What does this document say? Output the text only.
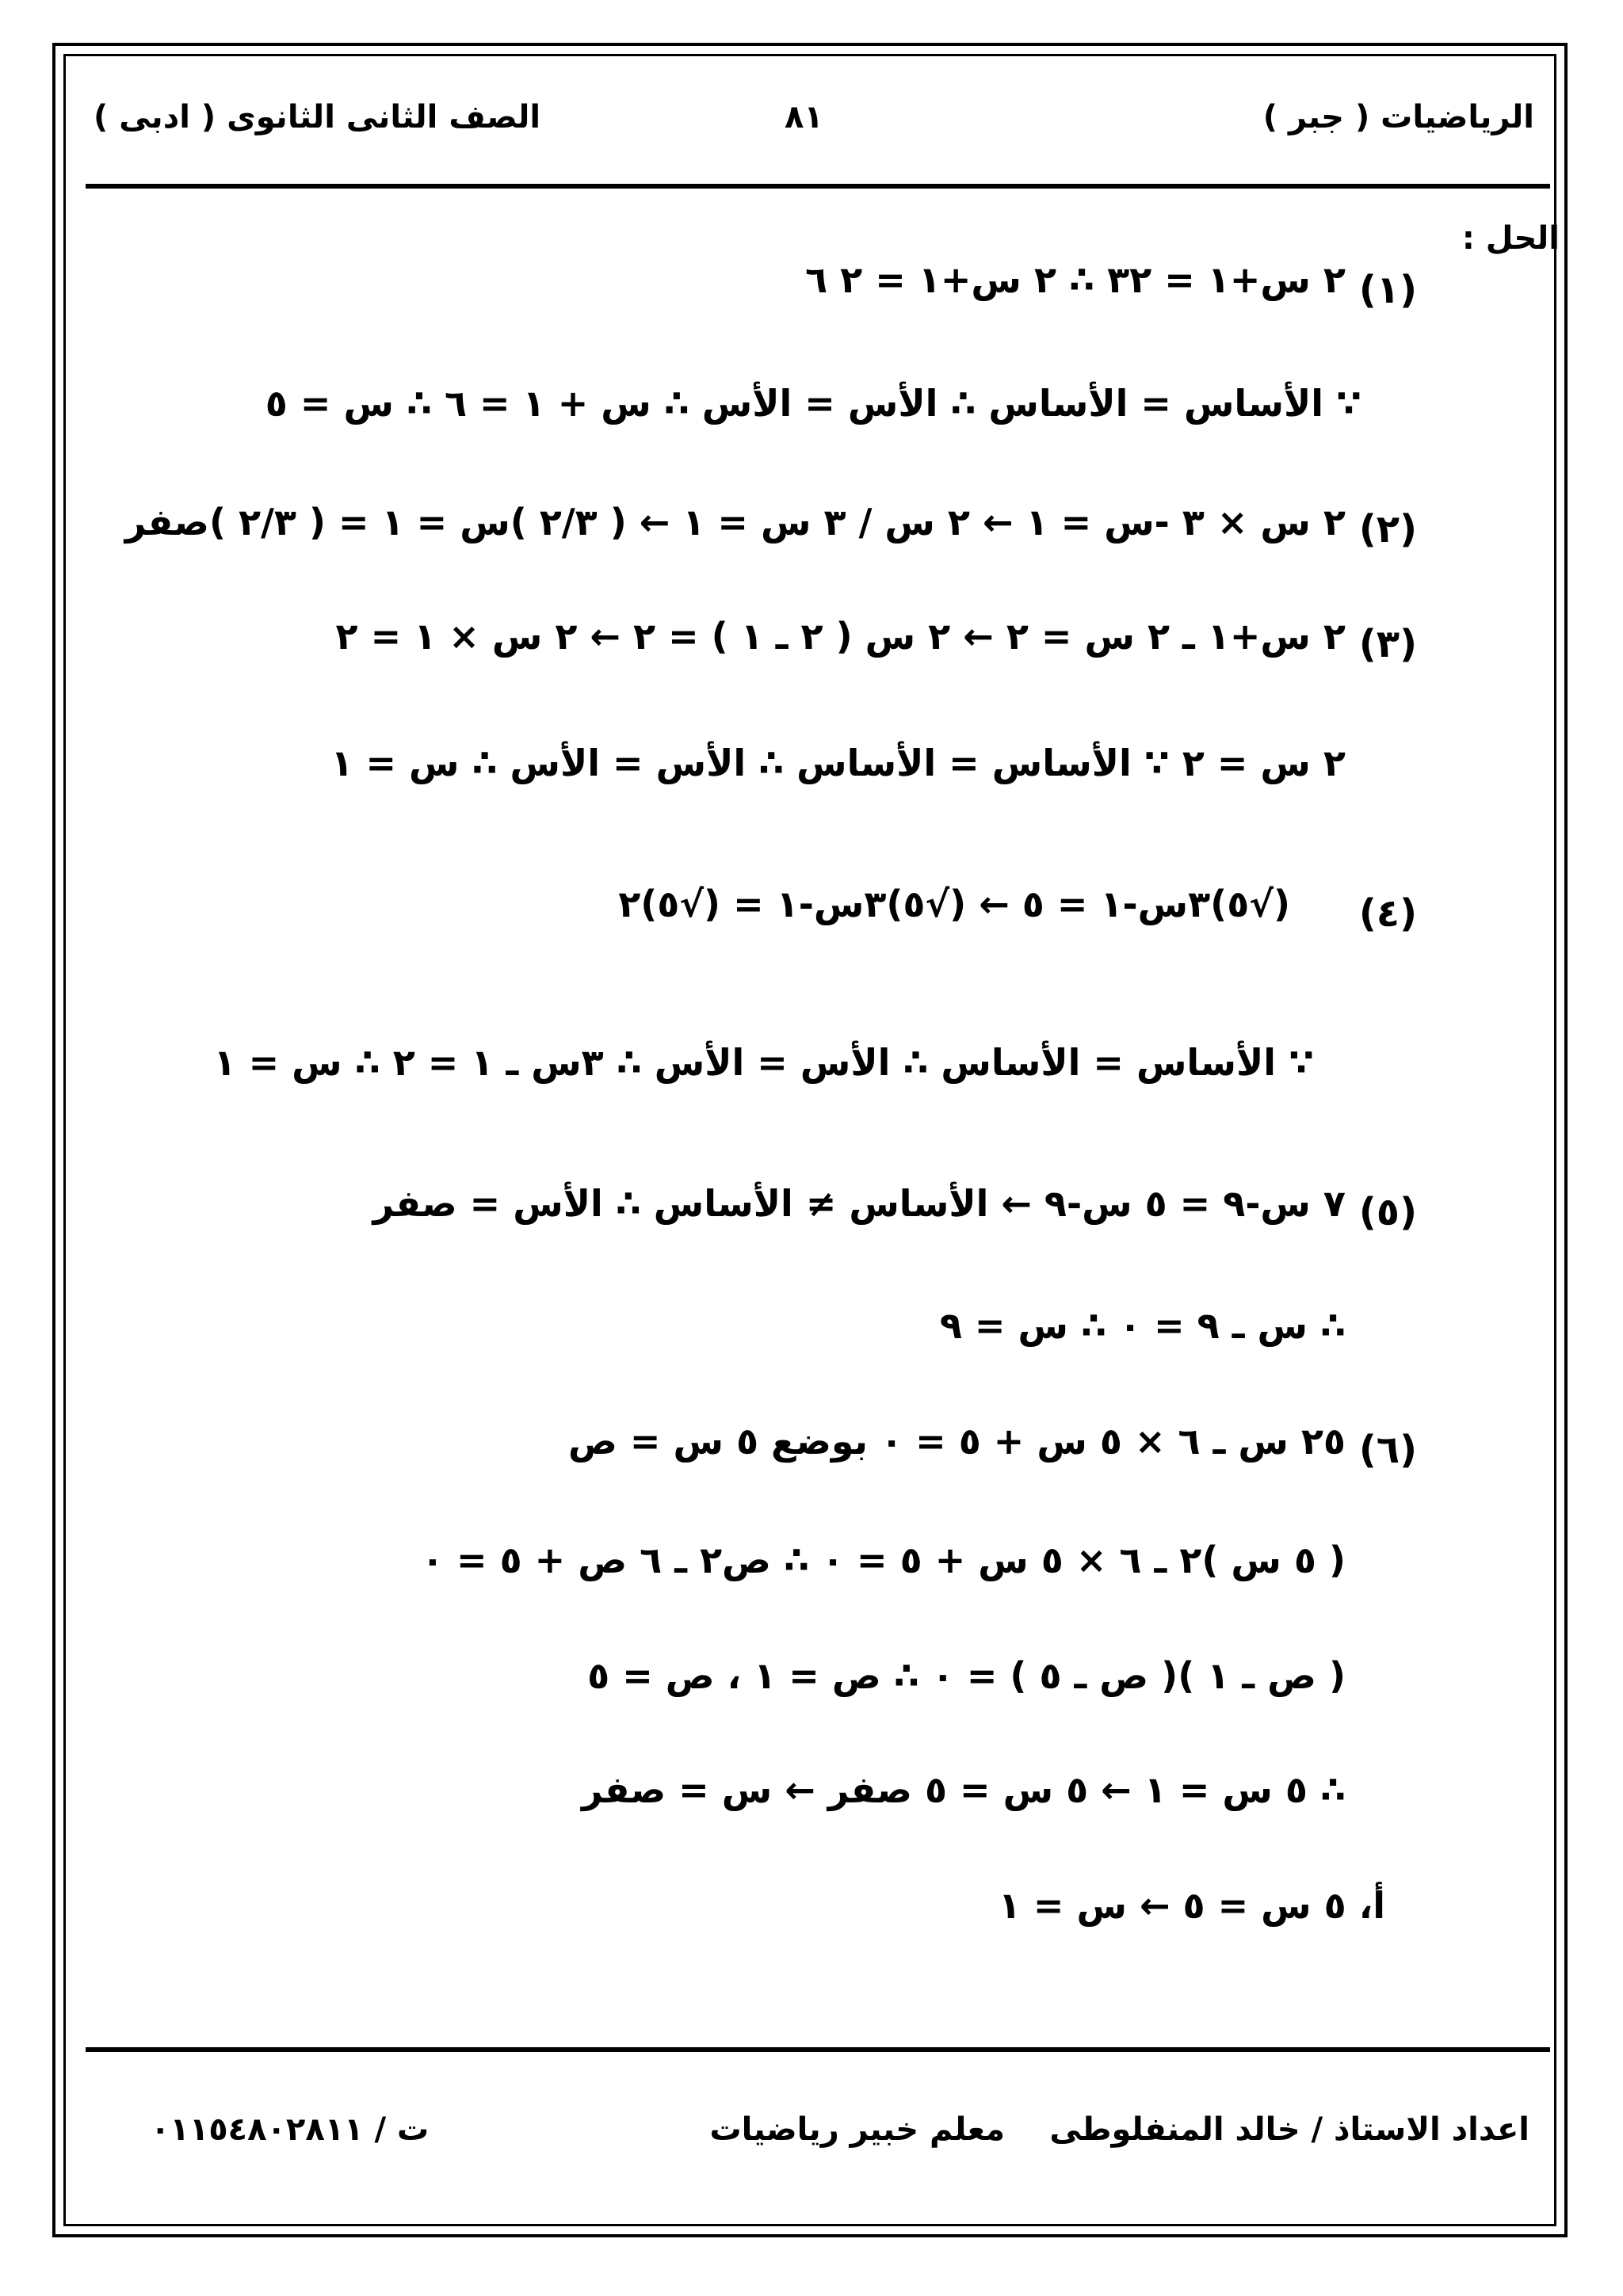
الرياضيات ( جبر )
٨١
الصف الثانى الثانوى ( ادبى )
الحل :
(١)
٢ س+١ = ٣٢ ∴ ٢ س+١ = ٢ ٦
∵ الأساس = الأساس ∴ الأس = الأس ∴ س + ١ = ٦ ∴ س = ٥
(٢)
٢ س × ٣ -س = ١ ← ٢ س / ٣ س = ١ ← ( ٢/٣ )س = ١ = ( ٢/٣ )صفر
(٣)
٢ س+١ ـ ٢ س = ٢ ← ٢ س ( ٢ ـ ١ ) = ٢ ← ٢ س × ١ = ٢
٢ س = ٢ ∵ الأساس = الأساس ∴ الأس = الأس ∴ س = ١
(٤)
(√٥)٣س-١ = ٥ ← (√٥)٣س-١ = (√٥)٢
∵ الأساس = الأساس ∴ الأس = الأس ∴ ٣س ـ ١ = ٢ ∴ س = ١
(٥)
٧ س-٩ = ٥ س-٩ ← الأساس ≠ الأساس ∴ الأس = صفر
∴ س ـ ٩ = ٠ ∴ س = ٩
(٦)
٢٥ س ـ ٦ × ٥ س + ٥ = ٠ بوضع ٥ س = ص
( ٥ س )٢ ـ ٦ × ٥ س + ٥ = ٠ ∴ ص٢ ـ ٦ ص + ٥ = ٠
( ص ـ ١ )( ص ـ ٥ ) = ٠ ∴ ص = ١ ، ص = ٥
∴ ٥ س = ١ ← ٥ س = ٥ صفر ← س = صفر
أ، ٥ س = ٥ ← س = ١
اعداد الاستاذ / خالد المنفلوطى
معلم خبير رياضيات
ت / ٠١١٥٤٨٠٢٨١١
